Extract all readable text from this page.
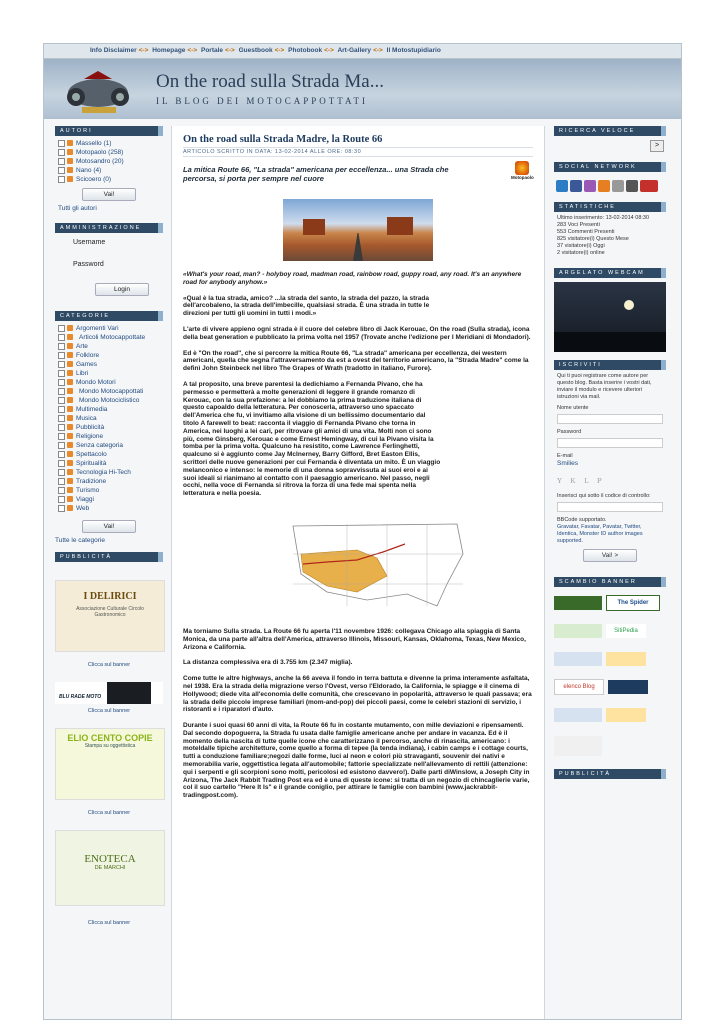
Info Disclaimer <-> Homepage <-> Portale <-> Guestbook <-> Photobook <-> Art-Gallery <-> Il Motostupidiario
On the road sulla Strada Ma...
IL BLOG DEI MOTOCAPPOTTATI
AUTORI
Massello (1)
Motopaolo (258)
Motosandro (20)
Nano (4)
Scicoero (0)
Vai!
Tutti gli autori
AMMINISTRAZIONE
Username
Password
Login
CATEGORIE
Argomenti Vari
Articoli Motocappottate
Arte
Folklore
Games
Libri
Mondo Motori
Mondo Motocappottati
Mondo Motociclistico
Multimedia
Musica
Pubblicità
Religione
Senza categoria
Spettacolo
Spiritualità
Tecnologia Hi-Tech
Tradizione
Turismo
Viaggi
Web
Vai!
Tutte le categorie
PUBBLICITÀ
I DELIRICI
Associazione Culturale Circolo Gastronomico
Clicca sul banner
BLU RADE MOTO
Clicca sul banner
ELIO CENTO COPIE
Stampa su oggettistica
Clicca sul banner
ENOTECA
DE MARCHI
Clicca sul banner
On the road sulla Strada Madre, la Route 66
ARTICOLO SCRITTO IN DATA: 13-02-2014 ALLE ORE: 08:30
La mitica Route 66, "La strada" americana per eccellenza... una Strada che percorsa, si porta per sempre nel cuore	Motopaolo
«What's your road, man? - holyboy road, madman road, rainbow road, guppy road, any road. It's an anywhere road for anybody anyhow.»
«Qual è la tua strada, amico? ...la strada del santo, la strada del pazzo, la strada dell'arcobaleno, la strada dell'imbecille, qualsiasi strada. È una strada in tutte le direzioni per tutti gli uomini in tutti i modi.»
L'arte di vivere appieno ogni strada è il cuore del celebre libro di Jack Kerouac, On the road (Sulla strada), icona della beat generation e pubblicato la prima volta nel 1957 (Trovate anche l'edizione per I Meridiani di Mondadori).
Ed è "On the road", che si percorre la mitica Route 66, "La strada" americana per eccellenza, dei western americani, quella che segna l'attraversamento da est a ovest del territorio americano, la "Strada Madre" come la definì John Steinbeck nel libro The Grapes of Wrath (tradotto in italiano, Furore).
A tal proposito, una breve parentesi la dedichiamo a Fernanda Pivano, che ha permesso e permetterà a molte generazioni di leggere il grande romanzo di Kerouac, con la sua prefazione: a lei dobbiamo la prima traduzione italiana di questo capoaldo della letteratura. Per conoscerla, attraverso uno spaccato dell'America che fu, vi invitiamo alla visione di un bellissimo documentario dal titolo A farewell to beat: racconta il viaggio di Fernanda Pivano che torna in America, nei luoghi a lei cari, per ritrovare gli amici di una vita. Molti non ci sono più, come Ginsberg, Kerouac e come Ernest Hemingway, di cui la Pivano visita la tomba per la prima volta. Qualcuno ha resistito, come Lawrence Ferlinghetti, qualcuno si è aggiunto come Jay McInerney, Barry Gifford, Bret Easton Ellis, scrittori delle nuove generazioni per cui Fernanda è diventata un mito. È un viaggio melanconico e intenso: le memorie di una donna sopravvissuta ai suoi eroi e ai suoi ideali si rianimano al contatto con il paesaggio americano. Nel passo, negli occhi, nella voce di Fernanda si ritrova la forza di una fede mai spenta nella letteratura e nella poesia.
Ma torniamo Sulla strada. La Route 66 fu aperta l'11 novembre 1926: collegava Chicago alla spiaggia di Santa Monica, da una parte all'altra dell'America, attraverso Illinois, Missouri, Kansas, Oklahoma, Texas, New Mexico, Arizona e California.
La distanza complessiva era di 3.755 km (2.347 miglia).
Come tutte le altre highways, anche la 66 aveva il fondo in terra battuta e divenne la prima interamente asfaltata, nel 1938. Era la strada della migrazione verso l'Ovest, verso l'Eldorado, la California, le spiagge e il cinema di Hollywood; diede vita all'economia delle comunità, che crescevano in popolarità, attraverso le quali passava; era la strada delle piccole imprese familiari (mom-and-pop) dei piccoli paesi, come le celebri stazioni di servizio, i ristoranti e i riparatori d'auto.
Durante i suoi quasi 60 anni di vita, la Route 66 fu in costante mutamento, con mille deviazioni e ripensamenti. Dal secondo dopoguerra, la Strada fu usata dalle famiglie americane anche per andare in vacanza. Ed è il momento della nascita di tutte quelle icone che caratterizzano il percorso, anche di rinascita, americano: i moteldalle tipiche architetture, come quello a forma di tepee (la tenda indiana), i cabin camps e i cottage courts, tutti a conduzione familiare;negozi dalle forme, luci al neon e colori più stravaganti, souvenir dei nativi e memorabilia varie, oggettistica legata all'automobile; fattorie specializzate nell'allevamento di rettili (attenzione: qui i serpenti e gli scorpioni sono molti, pericolosi ed esistono davvero!). Dalle parti diWinslow, a Joseph City in Arizona, The Jack Rabbit Trading Post era ed è una di queste icone: si tratta di un negozio di chincaglierie varie, col il suo cartello "Here It Is" e il grande coniglio, per attirare le famiglie con bambini (www.jackrabbit-tradingpost.com).
RICERCA VELOCE
>
SOCIAL NETWORK
STATISTICHE
Ultimo inserimento: 13-02-2014 08:30
283 Voci Presenti
553 Commenti Presenti
825 visitatore(i) Questo Mese
37 visitatore(i) Oggi
2 visitatore(i) online
ARGELATO WEBCAM
ISCRIVITI
Qui ti puoi registrare come autore per questo blog. Basta inserire i vostri dati, inviare il modulo e ricevere ulteriori istruzioni via mail.
Nome utente
Password
E-mail
Smilies
ʏ ᴋ ʟ ᴘ
Inserisci qui sotto il codice di controllo:
BBCode supportato.
Gravatar, Favatar, Pavatar, Twitter, Identica, Monster ID author images supported.
Vai! >
SCAMBIO BANNER
The Spider
SitiPedia
elenco Blog
PUBBLICITÀ
